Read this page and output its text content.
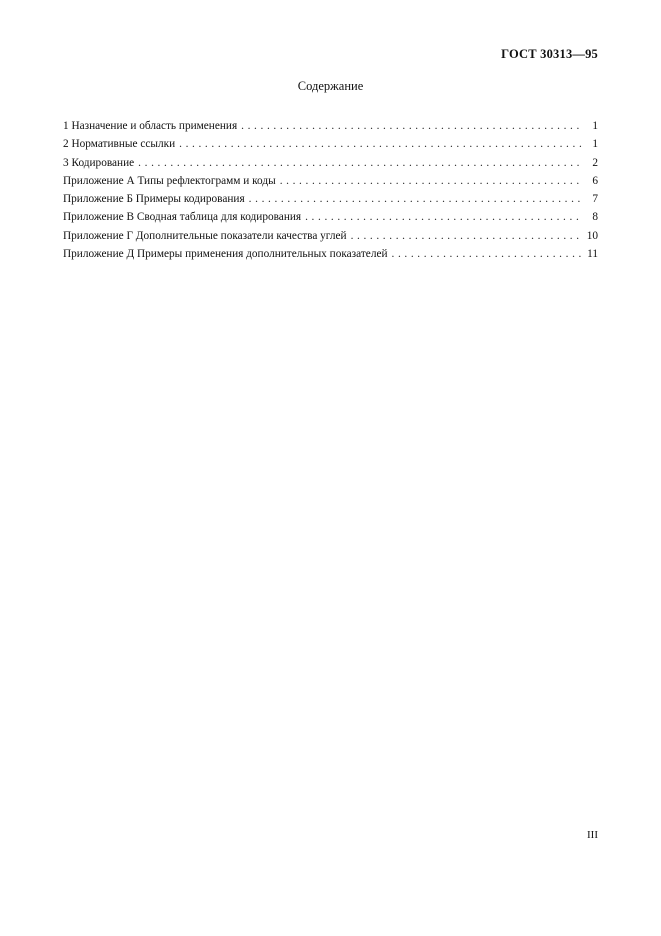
ГОСТ 30313—95
Содержание
1 Назначение и область применения . . .	1
2 Нормативные ссылки . . .	1
3 Кодирование . . .	2
Приложение А Типы рефлектограмм и коды . . .	6
Приложение Б Примеры кодирования . . .	7
Приложение В Сводная таблица для кодирования . . .	8
Приложение Г Дополнительные показатели качества углей . . .	10
Приложение Д Примеры применения дополнительных показателей . . .	11
III
